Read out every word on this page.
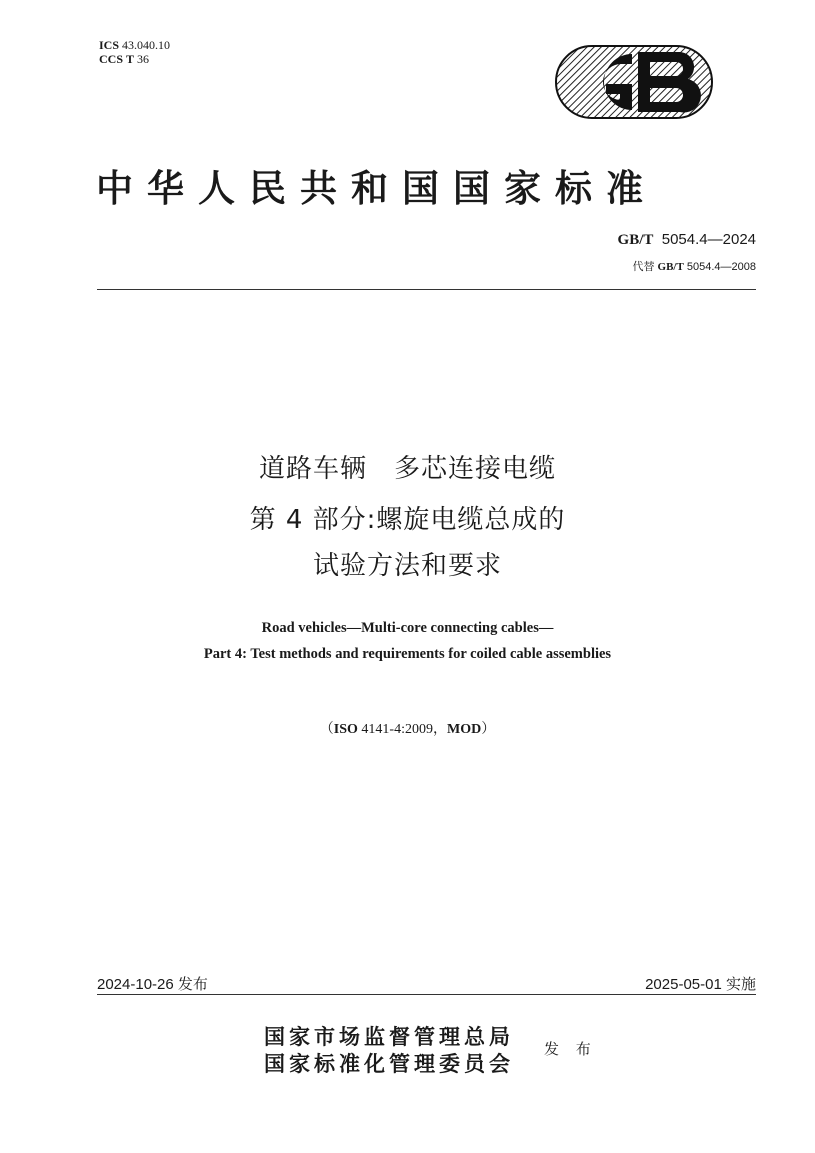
ICS 43.040.10
CCS T 36
中华人民共和国国家标准
GB/T 5054.4—2024
代替 GB/T 5054.4—2008
道路车辆　多芯连接电缆
第 4 部分:螺旋电缆总成的
试验方法和要求
Road vehicles—Multi-core connecting cables—
Part 4: Test methods and requirements for coiled cable assemblies
（ISO 4141-4:2009，MOD）
2024-10-26 发布	2025-05-01 实施
国家市场监督管理总局
国家标准化管理委员会
发 布
